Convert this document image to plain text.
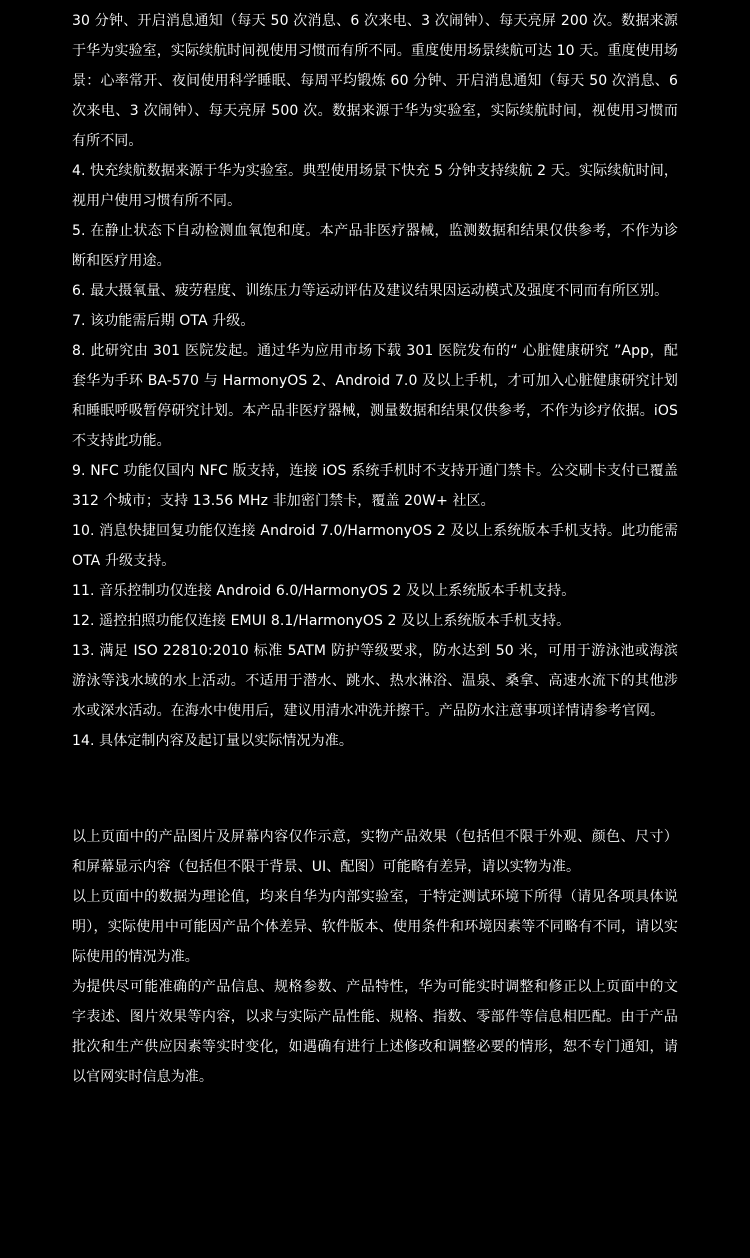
30 分钟、开启消息通知（每天 50 次消息、6 次来电、3 次闹钟）、每天亮屏 200 次。数据来源于华为实验室，实际续航时间视使用习惯而有所不同。重度使用场景续航可达 10 天。重度使用场景：心率常开、夜间使用科学睡眠、每周平均锻炼 60 分钟、开启消息通知（每天 50 次消息、6 次来电、3 次闹钟）、每天亮屏 500 次。数据来源于华为实验室，实际续航时间，视使用习惯而有所不同。

4. 快充续航数据来源于华为实验室。典型使用场景下快充 5 分钟支持续航 2 天。实际续航时间，视用户使用习惯有所不同。

5. 在静止状态下自动检测血氧饱和度。本产品非医疗器械，监测数据和结果仅供参考，不作为诊断和医疗用途。

6. 最大摄氧量、疲劳程度、训练压力等运动评估及建议结果因运动模式及强度不同而有所区别。

7. 该功能需后期 OTA 升级。

8. 此研究由 301 医院发起。通过华为应用市场下载 301 医院发布的“ 心脏健康研究 ”App，配套华为手环 BA-570 与 HarmonyOS 2、Android 7.0 及以上手机，才可加入心脏健康研究计划和睡眠呼吸暂停研究计划。本产品非医疗器械，测量数据和结果仅供参考，不作为诊疗依据。iOS 不支持此功能。

9. NFC 功能仅国内 NFC 版支持，连接 iOS 系统手机时不支持开通门禁卡。公交刷卡支付已覆盖 312 个城市；支持 13.56 MHz 非加密门禁卡，覆盖 20W+ 社区。

10. 消息快捷回复功能仅连接 Android 7.0/HarmonyOS 2 及以上系统版本手机支持。此功能需 OTA 升级支持。

11. 音乐控制功仅连接 Android 6.0/HarmonyOS 2 及以上系统版本手机支持。

12. 遥控拍照功能仅连接 EMUI 8.1/HarmonyOS 2 及以上系统版本手机支持。

13. 满足 ISO 22810:2010 标准 5ATM 防护等级要求，防水达到 50 米，可用于游泳池或海滨游泳等浅水域的水上活动。不适用于潜水、跳水、热水淋浴、温泉、桑拿、高速水流下的其他涉水或深水活动。在海水中使用后，建议用清水冲洗并擦干。产品防水注意事项详情请参考官网。

14. 具体定制内容及起订量以实际情况为准。

以上页面中的产品图片及屏幕内容仅作示意，实物产品效果（包括但不限于外观、颜色、尺寸）和屏幕显示内容（包括但不限于背景、UI、配图）可能略有差异，请以实物为准。

以上页面中的数据为理论值，均来自华为内部实验室，于特定测试环境下所得（请见各项具体说明），实际使用中可能因产品个体差异、软件版本、使用条件和环境因素等不同略有不同，请以实际使用的情况为准。

为提供尽可能准确的产品信息、规格参数、产品特性，华为可能实时调整和修正以上页面中的文字表述、图片效果等内容，以求与实际产品性能、规格、指数、零部件等信息相匹配。由于产品批次和生产供应因素等实时变化，如遇确有进行上述修改和调整必要的情形，恕不专门通知，请以官网实时信息为准。
